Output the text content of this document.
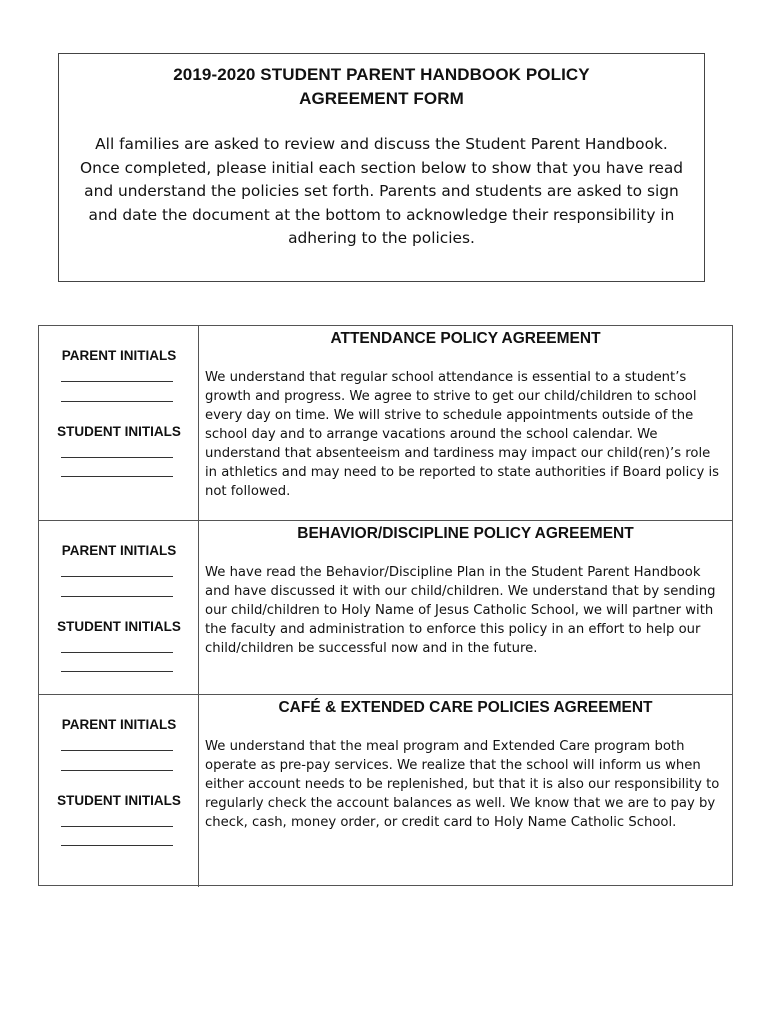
2019-2020 STUDENT PARENT HANDBOOK POLICY
AGREEMENT FORM
All families are asked to review and discuss the Student Parent Handbook. Once completed, please initial each section below to show that you have read and understand the policies set forth. Parents and students are asked to sign and date the document at the bottom to acknowledge their responsibility in adhering to the policies.
PARENT INITIALS
STUDENT INITIALS
ATTENDANCE POLICY AGREEMENT
We understand that regular school attendance is essential to a student’s growth and progress. We agree to strive to get our child/children to school every day on time. We will strive to schedule appointments outside of the school day and to arrange vacations around the school calendar. We understand that absenteeism and tardiness may impact our child(ren)’s role in athletics and may need to be reported to state authorities if Board policy is not followed.
PARENT INITIALS
STUDENT INITIALS
BEHAVIOR/DISCIPLINE POLICY AGREEMENT
We have read the Behavior/Discipline Plan in the Student Parent Handbook and have discussed it with our child/children. We understand that by sending our child/children to Holy Name of Jesus Catholic School, we will partner with the faculty and administration to enforce this policy in an effort to help our child/children be successful now and in the future.
PARENT INITIALS
STUDENT INITIALS
CAFÉ & EXTENDED CARE POLICIES AGREEMENT
We understand that the meal program and Extended Care program both operate as pre-pay services. We realize that the school will inform us when either account needs to be replenished, but that it is also our responsibility to regularly check the account balances as well. We know that we are to pay by check, cash, money order, or credit card to Holy Name Catholic School.
